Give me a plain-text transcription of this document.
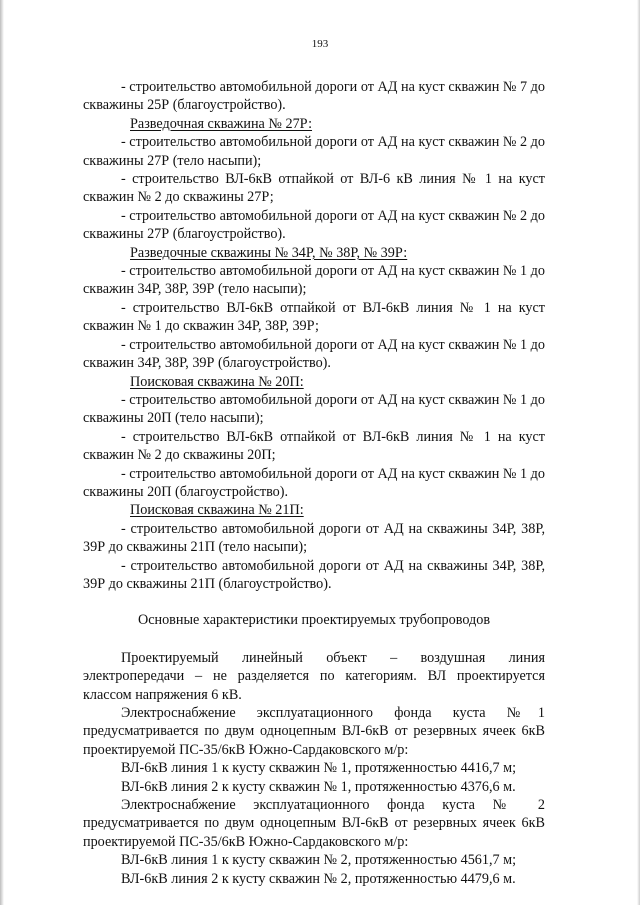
193

- строительство автомобильной дороги от АД на куст скважин № 7 до скважины 25Р (благоустройство).

Разведочная скважина № 27Р:

- строительство автомобильной дороги от АД на куст скважин № 2 до скважины 27Р (тело насыпи);

- строительство ВЛ-6кВ отпайкой от ВЛ-6 кВ линия № 1 на куст скважин № 2 до скважины 27Р;

- строительство автомобильной дороги от АД на куст скважин № 2 до скважины 27Р (благоустройство).

Разведочные скважины № 34Р, № 38Р, № 39Р:

- строительство автомобильной дороги от АД на куст скважин № 1 до скважин 34Р, 38Р, 39Р (тело насыпи);

- строительство ВЛ-6кВ отпайкой от ВЛ-6кВ линия № 1 на куст скважин № 1 до скважин 34Р, 38Р, 39Р;

- строительство автомобильной дороги от АД на куст скважин № 1 до скважин 34Р, 38Р, 39Р (благоустройство).

Поисковая скважина № 20П:

- строительство автомобильной дороги от АД на куст скважин № 1 до скважины 20П (тело насыпи);

- строительство ВЛ-6кВ отпайкой от ВЛ-6кВ линия № 1 на куст скважин № 2 до скважины 20П;

- строительство автомобильной дороги от АД на куст скважин № 1 до скважины 20П (благоустройство).

Поисковая скважина № 21П:

- строительство автомобильной дороги от АД на скважины 34Р, 38Р, 39Р до скважины 21П (тело насыпи);

- строительство автомобильной дороги от АД на скважины 34Р, 38Р, 39Р до скважины 21П (благоустройство).

Основные характеристики проектируемых трубопроводов

Проектируемый линейный объект – воздушная линия электропередачи – не разделяется по категориям. ВЛ проектируется классом напряжения 6 кВ.

Электроснабжение эксплуатационного фонда куста №1 предусматривается по двум одноцепным ВЛ-6кВ от резервных ячеек 6кВ проектируемой ПС-35/6кВ Южно-Сардаковского м/р:

ВЛ-6кВ линия 1 к кусту скважин № 1, протяженностью 4416,7 м;

ВЛ-6кВ линия 2 к кусту скважин № 1, протяженностью 4376,6 м.

Электроснабжение эксплуатационного фонда куста № 2 предусматривается по двум одноцепным ВЛ-6кВ от резервных ячеек 6кВ проектируемой ПС-35/6кВ Южно-Сардаковского м/р:

ВЛ-6кВ линия 1 к кусту скважин № 2, протяженностью 4561,7 м;

ВЛ-6кВ линия 2 к кусту скважин № 2, протяженностью 4479,6 м.
